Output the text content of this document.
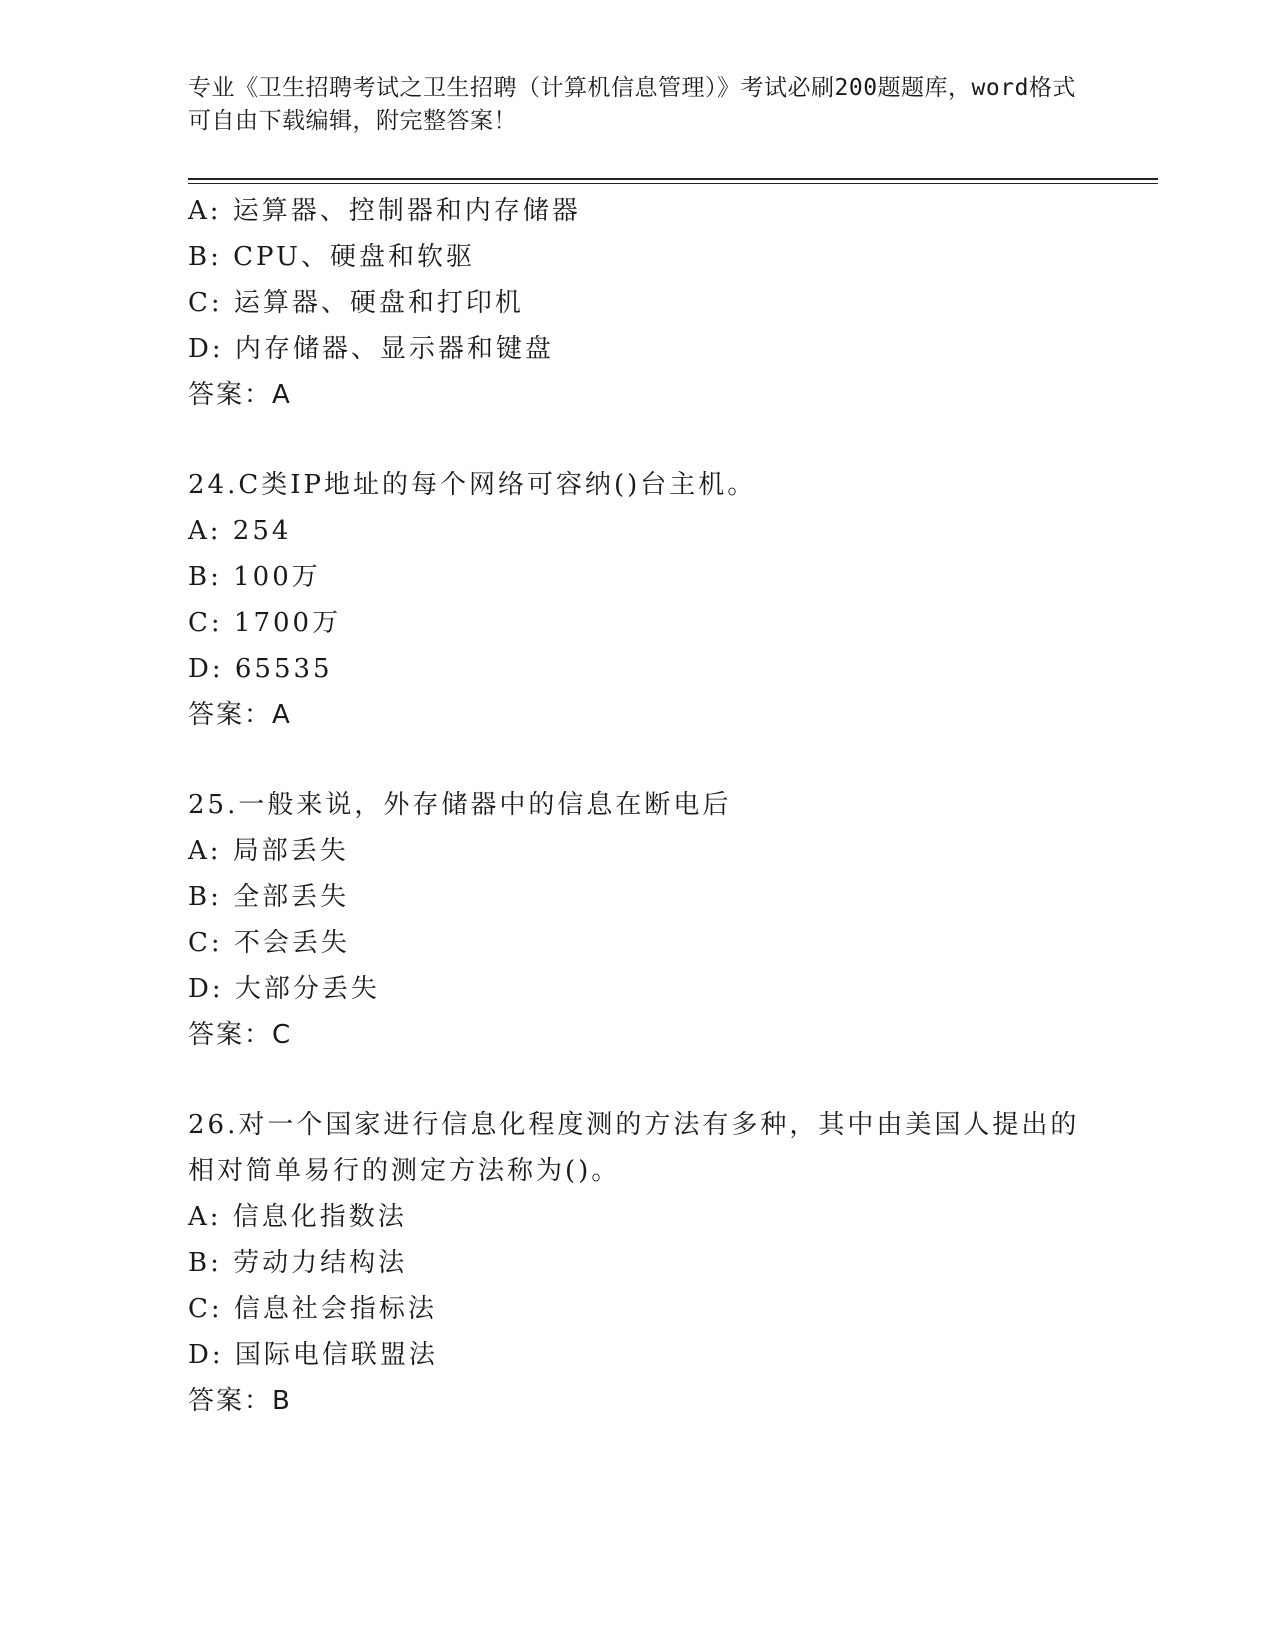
专业《卫生招聘考试之卫生招聘（计算机信息管理）》考试必刷200题题库，word格式可自由下载编辑，附完整答案！
A: 运算器、控制器和内存储器
B: CPU、硬盘和软驱
C: 运算器、硬盘和打印机
D: 内存储器、显示器和键盘
答案：A
24.C类IP地址的每个网络可容纳()台主机。
A: 254
B: 100万
C: 1700万
D: 65535
答案：A
25.一般来说，外存储器中的信息在断电后
A: 局部丢失
B: 全部丢失
C: 不会丢失
D: 大部分丢失
答案：C
26.对一个国家进行信息化程度测的方法有多种，其中由美国人提出的相对简单易行的测定方法称为()。
A: 信息化指数法
B: 劳动力结构法
C: 信息社会指标法
D: 国际电信联盟法
答案：B
